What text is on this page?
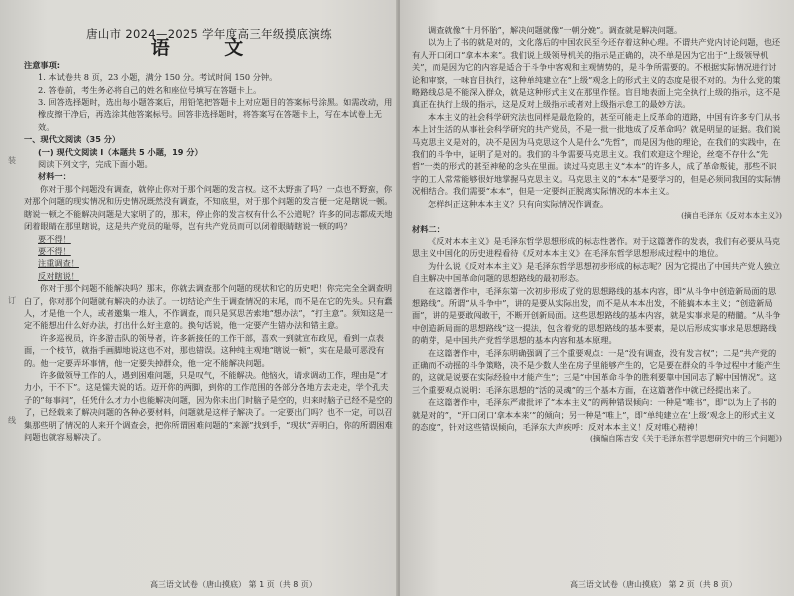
装
订
线

唐山市 2024—2025 学年度高三年级摸底演练

语 文

注意事项:

1. 本试卷共 8 页，23 小题，满分 150 分。考试时间 150 分钟。

2. 答卷前，考生务必将自己的姓名和座位号填写在答题卡上。

3. 回答选择题时，选出每小题答案后，用铅笔把答题卡上对应题目的答案标号涂黑。如需改动，用橡皮擦干净后，再选涂其他答案标号。回答非选择题时，将答案写在答题卡上，写在本试卷上无效。

一、现代文阅读（35 分）

(一) 现代文阅读 I（本题共 5 小题，19 分）

阅读下列文字，完成下面小题。

材料一：

你对于那个问题没有调查，就停止你对于那个问题的发言权。这不太野蛮了吗？一点也不野蛮，你对那个问题的现实情况和历史情况既然没有调查，不知底里，对于那个问题的发言便一定是瞎说一顿。瞎说一顿之不能解决问题是大家明了的，那末，停止你的发言权有什么不公道呢？许多的同志都成天地闭着眼睛在那里瞎说，这是共产党员的耻辱，岂有共产党员而可以闭着眼睛瞎说一顿的吗？

要不得！

要不得！

注重调查！

反对瞎说！

你对于那个问题不能解决吗？那末，你就去调查那个问题的现状和它的历史吧！你完完全全调查明白了，你对那个问题就有解决的办法了。一切结论产生于调查情况的末尾，而不是在它的先头。只有蠢人，才是他一个人，或者邀集一堆人，不作调查，而只是冥思苦索地“想办法”，“打主意”。须知这是一定不能想出什么好办法，打出什么好主意的。换句话说，他一定要产生错办法和错主意。

许多巡视员，许多游击队的领导者，许多新接任的工作干部，喜欢一到就宣布政见，看到一点表面，一个枝节，就指手画脚地说这也不对，那也错误。这种纯主观地“瞎说一顿”，实在是最可恶没有的。他一定要弄坏事情，他一定要失掉群众，他一定不能解决问题。

许多做领导工作的人，遇到困难问题，只是叹气，不能解决。他恼火，请求调动工作，理由是“才力小，干不下”。这是懦夫说的话。迈开你的两脚，到你的工作范围的各部分各地方去走走，学个孔夫子的“每事问”，任凭什么才力小也能解决问题，因为你未出门时脑子是空的，归来时脑子已经不是空的了，已经载来了解决问题的各种必要材料，问题就是这样子解决了。一定要出门吗？也不一定，可以召集那些明了情况的人来开个调查会，把你所谓困难问题的“来源”找到手，“现状”弄明白，你的所谓困难问题也就容易解决了。

高三语文试卷（唐山摸底） 第 1 页（共 8 页）

调查就像“十月怀胎”，解决问题就像“一朝分娩”。调查就是解决问题。

以为上了书的就是对的，文化落后的中国农民至今还存着这种心理。不谓共产党内讨论问题，也还有人开口闭口“拿本本来”。我们说上级领导机关的指示是正确的，决不单是因为它出于“上级领导机关”，而是因为它的内容是适合于斗争中客观和主观情势的，是斗争所需要的。不根据实际情况进行讨论和审察，一味盲目执行，这种单纯建立在“上级”观念上的形式主义的态度是很不对的。为什么党的策略路线总是不能深入群众，就是这种形式主义在那里作怪。盲目地表面上完全执行上级的指示，这不是真正在执行上级的指示，这是反对上级指示或者对上级指示怠工的最妙方法。

本本主义的社会科学研究法也同样是最危险的，甚至可能走上反革命的道路，中国有许多专门从书本上讨生活的从事社会科学研究的共产党员，不是一批一批地成了反革命吗？就是明显的证据。我们说马克思主义是对的，决不是因为马克思这个人是什么“先哲”，而是因为他的理论，在我们的实践中，在我们的斗争中，证明了是对的。我们的斗争需要马克思主义。我们欢迎这个理论，丝毫不存什么“先哲”一类的形式的甚至神秘的念头在里面。读过马克思主义“本本”的许多人，成了革命叛徒，那些不识字的工人常常能够很好地掌握马克思主义。马克思主义的“本本”是要学习的，但是必须同我国的实际情况相结合。我们需要“本本”，但是一定要纠正脱离实际情况的本本主义。

怎样纠正这种本本主义？只有向实际情况作调查。

(摘自毛泽东《反对本本主义》)

材料二：

《反对本本主义》是毛泽东哲学思想形成的标志性著作。对于这篇著作的发表，我们有必要从马克思主义中国化的历史进程看待《反对本本主义》在毛泽东哲学思想形成过程中的地位。

为什么说《反对本本主义》是毛泽东哲学思想初步形成的标志呢？因为它提出了中国共产党人独立自主解决中国革命问题的思想路线的最初形态。

在这篇著作中，毛泽东第一次初步形成了党的思想路线的基本内容，即“从斗争中创造新局面的思想路线”。所谓“从斗争中”，讲的是要从实际出发，而不是从本本出发，不能搞本本主义；“创造新局面”，讲的是要敢闯敢干，不断开创新局面。这些思想路线的基本内容，就是实事求是的精髓。“从斗争中创造新局面的思想路线”这一提法，包含着党的思想路线的基本要素，是以后形成实事求是思想路线的萌芽，是中国共产党哲学思想的基本内容和基本原理。

在这篇著作中，毛泽东明确强调了三个重要观点：一是“没有调查，没有发言权”；二是“共产党的正确而不动摇的斗争策略，决不是少数人坐在房子里能够产生的，它是要在群众的斗争过程中才能产生的，这就是说要在实际经验中才能产生”；三是“中国革命斗争的胜利要靠中国同志了解中国情况”。这三个重要观点说明：毛泽东思想的“活的灵魂”的三个基本方面，在这篇著作中就已经提出来了。

在这篇著作中，毛泽东严肃批评了“本本主义”的两种错误倾向：一种是“唯书”，即“以为上了书的就是对的”，“开口闭口‘拿本本来’”的倾向；另一种是“唯上”，即“单纯建立在‘上级’观念上的形式主义的态度”，针对这些错误倾向，毛泽东大声疾呼：反对本本主义！反对唯心精神！

(摘编自陈吉安《关于毛泽东哲学思想研究中的三个问题》)

高三语文试卷（唐山摸底） 第 2 页（共 8 页）
